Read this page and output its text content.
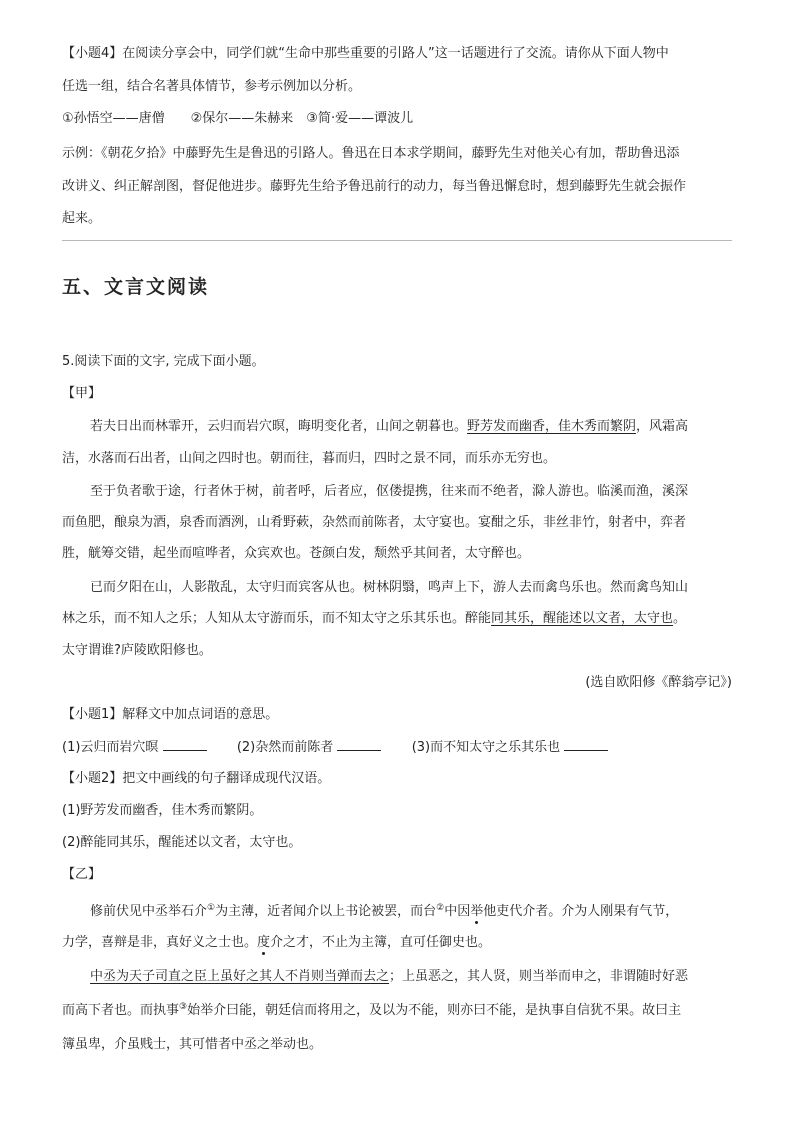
【小题4】在阅读分享会中，同学们就“生命中那些重要的引路人”这一话题进行了交流。请你从下面人物中
任选一组，结合名著具体情节，参考示例加以分析。
①孙悟空——唐僧　　②保尔——朱赫来　③简·爱——谭波儿
示例：《朝花夕拾》中藤野先生是鲁迅的引路人。鲁迅在日本求学期间，藤野先生对他关心有加，帮助鲁迅添
改讲义、纠正解剖图，督促他进步。藤野先生给予鲁迅前行的动力，每当鲁迅懈怠时，想到藤野先生就会振作
起来。
五、文言文阅读
5.阅读下面的文字, 完成下面小题。
【甲】
若夫日出而林霏开，云归而岩穴暝，晦明变化者，山间之朝暮也。野芳发而幽香，佳木秀而繁阴，风霜高
洁，水落而石出者，山间之四时也。朝而往，暮而归，四时之景不同，而乐亦无穷也。
至于负者歌于途，行者休于树，前者呼，后者应，伛偻提携，往来而不绝者，滁人游也。临溪而渔，溪深
而鱼肥，酿泉为酒，泉香而酒洌，山肴野蔌，杂然而前陈者，太守宴也。宴酣之乐，非丝非竹，射者中，弈者
胜，觥筹交错，起坐而喧哗者，众宾欢也。苍颜白发，颓然乎其间者，太守醉也。
已而夕阳在山，人影散乱，太守归而宾客从也。树林阴翳，鸣声上下，游人去而禽鸟乐也。然而禽鸟知山
林之乐，而不知人之乐；人知从太守游而乐，而不知太守之乐其乐也。醉能同其乐，醒能述以文者，太守也。
太守谓谁?庐陵欧阳修也。
(选自欧阳修《醉翁亭记》)
【小题1】解释文中加点词语的意思。
(1)云归而岩穴暝	(2)杂然而前陈者	(3)而不知太守之乐其乐也
【小题2】把文中画线的句子翻译成现代汉语。
(1)野芳发而幽香，佳木秀而繁阴。
(2)醉能同其乐，醒能述以文者，太守也。
【乙】
修前伏见中丞举石介①为主薄，近者闻介以上书论被罢，而台②中因举他吏代介者。介为人刚果有气节，
力学，喜辩是非，真好义之士也。度介之才，不止为主簿，直可任御史也。
中丞为天子司直之臣上虽好之其人不肖则当弹而去之；上虽恶之，其人贤，则当举而申之，非谓随时好恶
而高下者也。而执事③始举介曰能，朝廷信而将用之，及以为不能，则亦曰不能，是执事自信犹不果。故曰主
簿虽卑，介虽贱士，其可惜者中丞之举动也。
